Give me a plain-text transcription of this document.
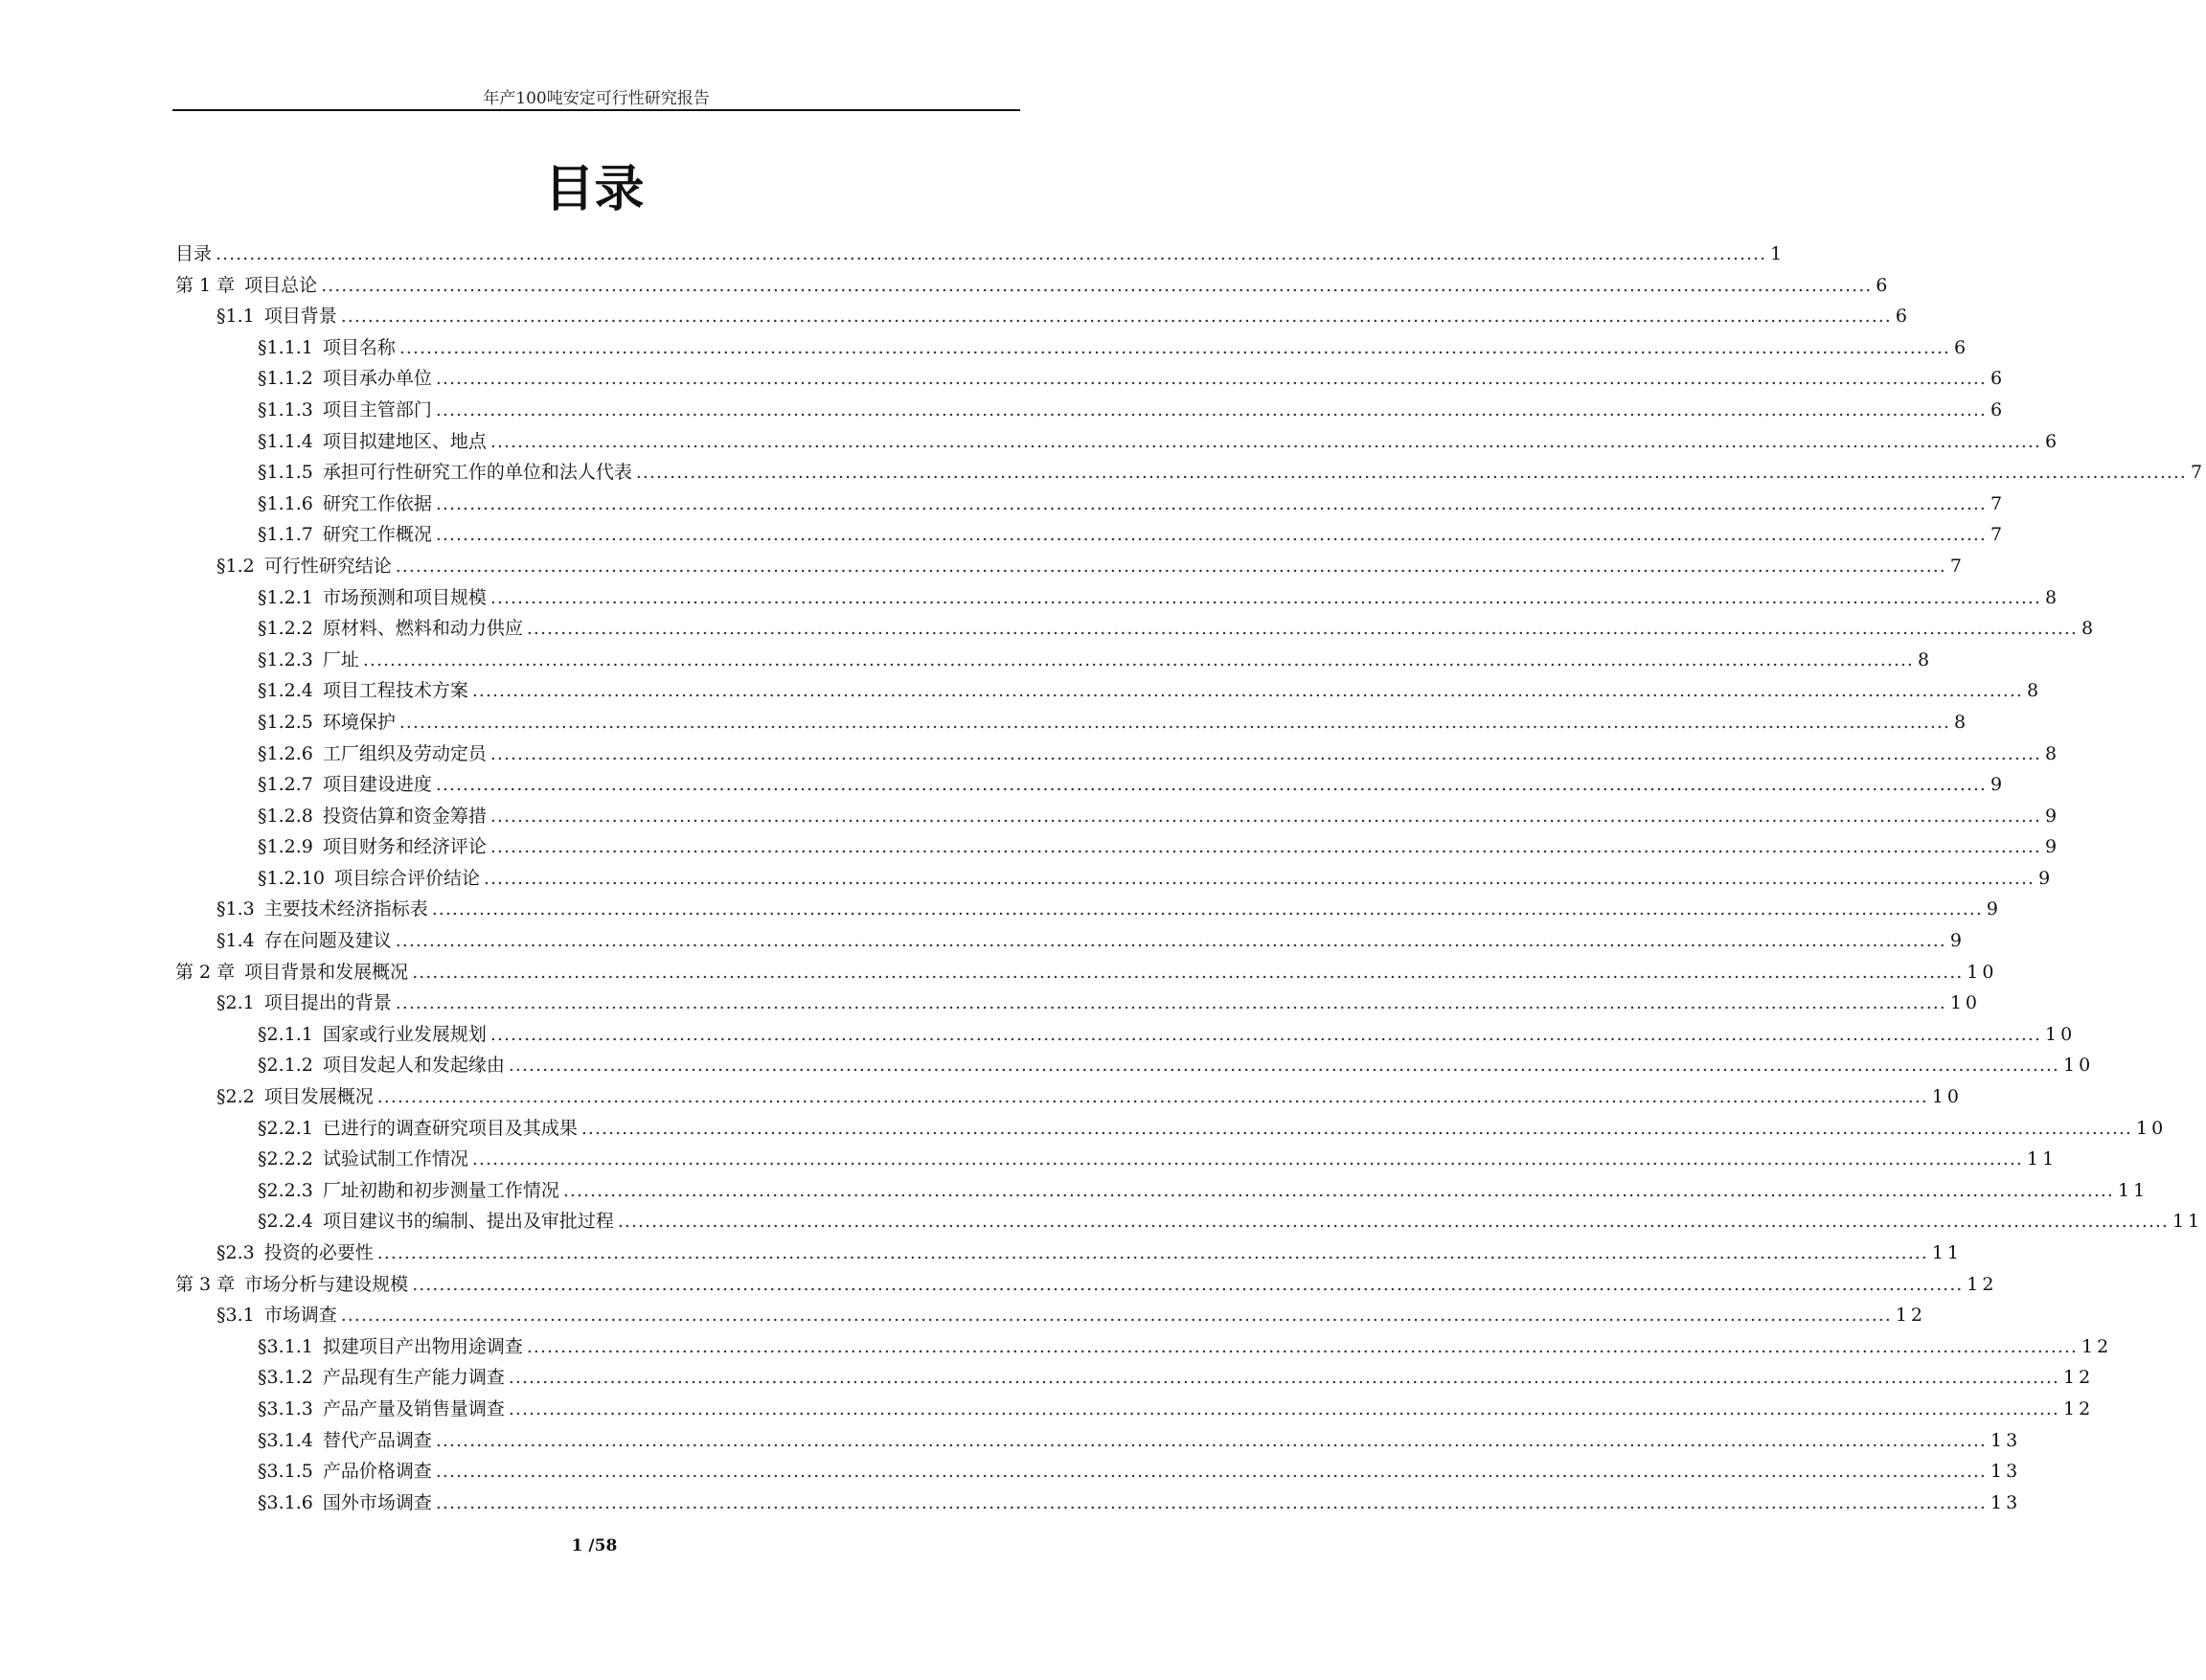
年产100吨安定可行性研究报告
目录
目录 .....	1
第 1 章 项目总论 .....	6
§1.1 项目背景 .....	6
§1.1.1 项目名称 .....	6
§1.1.2 项目承办单位 .....	6
§1.1.3 项目主管部门 .....	6
§1.1.4 项目拟建地区、地点 .....	6
§1.1.5 承担可行性研究工作的单位和法人代表 .....	7
§1.1.6 研究工作依据 .....	7
§1.1.7 研究工作概况 .....	7
§1.2 可行性研究结论 .....	7
§1.2.1 市场预测和项目规模 .....	8
§1.2.2 原材料、燃料和动力供应 .....	8
§1.2.3 厂址 .....	8
§1.2.4 项目工程技术方案 .....	8
§1.2.5 环境保护 .....	8
§1.2.6 工厂组织及劳动定员 .....	8
§1.2.7 项目建设进度 .....	9
§1.2.8 投资估算和资金筹措 .....	9
§1.2.9 项目财务和经济评论 .....	9
§1.2.10 项目综合评价结论 .....	9
§1.3 主要技术经济指标表 .....	9
§1.4 存在问题及建议 .....	9
第 2 章 项目背景和发展概况 .....	10
§2.1 项目提出的背景 .....	10
§2.1.1 国家或行业发展规划 .....	10
§2.1.2 项目发起人和发起缘由 .....	10
§2.2 项目发展概况 .....	10
§2.2.1 已进行的调查研究项目及其成果 .....	10
§2.2.2 试验试制工作情况 .....	11
§2.2.3 厂址初勘和初步测量工作情况 .....	11
§2.2.4 项目建议书的编制、提出及审批过程 .....	11
§2.3 投资的必要性 .....	11
第 3 章 市场分析与建设规模 .....	12
§3.1 市场调查 .....	12
§3.1.1 拟建项目产出物用途调查 .....	12
§3.1.2 产品现有生产能力调查 .....	12
§3.1.3 产品产量及销售量调查 .....	12
§3.1.4 替代产品调查 .....	13
§3.1.5 产品价格调查 .....	13
§3.1.6 国外市场调查 .....	13
1 /58
